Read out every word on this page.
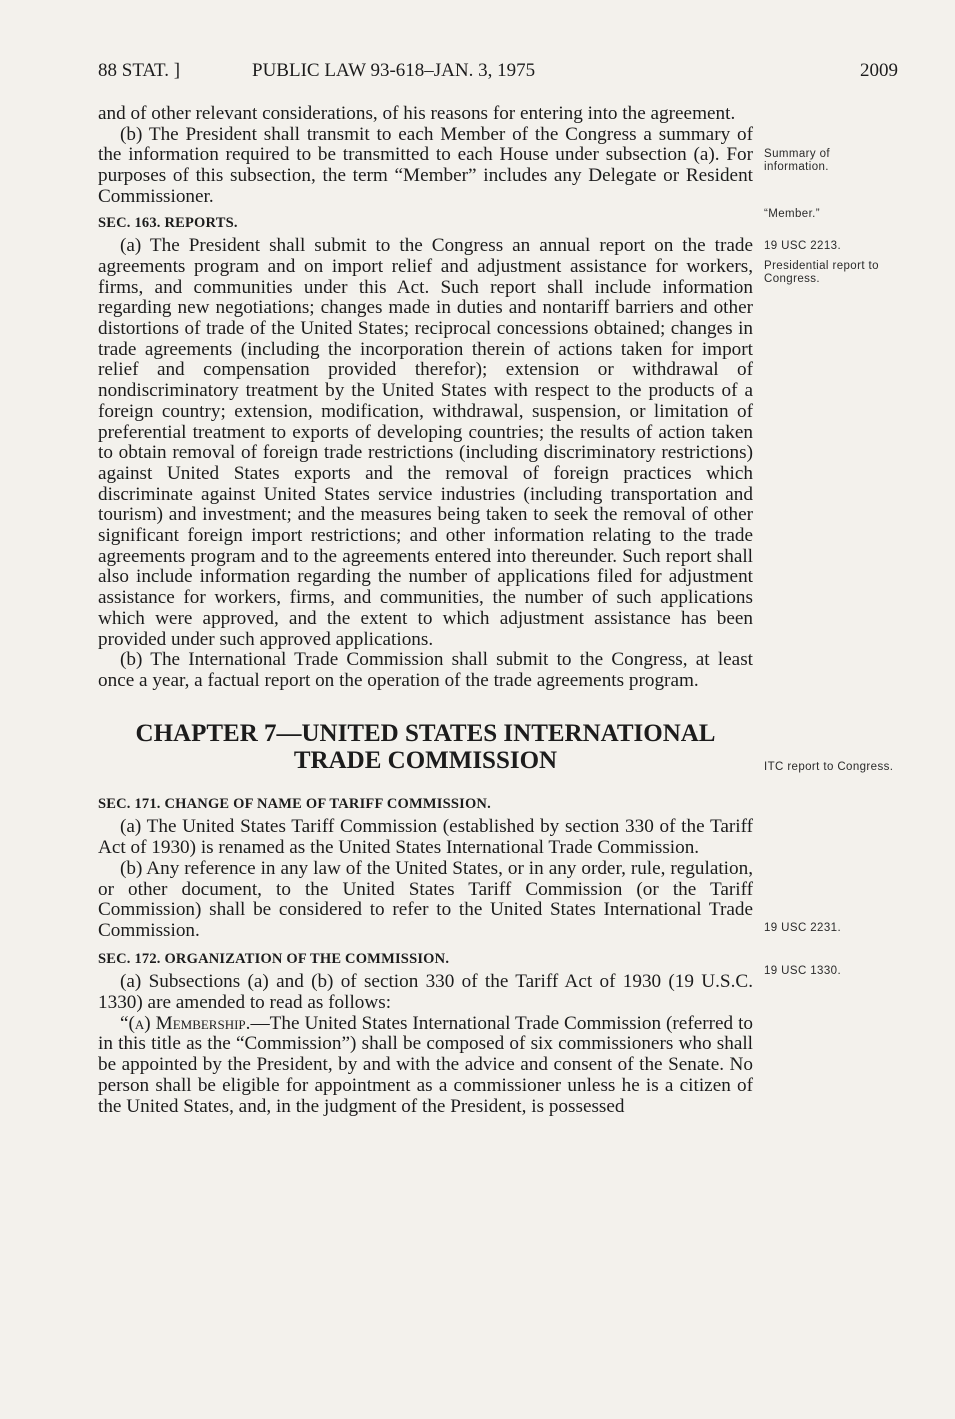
88 STAT. ]	PUBLIC LAW 93-618–JAN. 3, 1975	2009

and of other relevant considerations, of his reasons for entering into the agreement.

(b) The President shall transmit to each Member of the Congress a summary of the information required to be transmitted to each House under subsection (a). For purposes of this subsection, the term “Member” includes any Delegate or Resident Commissioner.

SEC. 163. REPORTS.

(a) The President shall submit to the Congress an annual report on the trade agreements program and on import relief and adjustment assistance for workers, firms, and communities under this Act. Such report shall include information regarding new negotiations; changes made in duties and nontariff barriers and other distortions of trade of the United States; reciprocal concessions obtained; changes in trade agreements (including the incorporation therein of actions taken for import relief and compensation provided therefor); extension or withdrawal of nondiscriminatory treatment by the United States with respect to the products of a foreign country; extension, modification, withdrawal, suspension, or limitation of preferential treatment to exports of developing countries; the results of action taken to obtain removal of foreign trade restrictions (including discriminatory restrictions) against United States exports and the removal of foreign practices which discriminate against United States service industries (including transportation and tourism) and investment; and the measures being taken to seek the removal of other significant foreign import restrictions; and other information relating to the trade agreements program and to the agreements entered into thereunder. Such report shall also include information regarding the number of applications filed for adjustment assistance for workers, firms, and communities, the number of such applications which were approved, and the extent to which adjustment assistance has been provided under such approved applications.

(b) The International Trade Commission shall submit to the Congress, at least once a year, a factual report on the operation of the trade agreements program.

CHAPTER 7—UNITED STATES INTERNATIONAL
TRADE COMMISSION
SEC. 171. CHANGE OF NAME OF TARIFF COMMISSION.

(a) The United States Tariff Commission (established by section 330 of the Tariff Act of 1930) is renamed as the United States International Trade Commission.

(b) Any reference in any law of the United States, or in any order, rule, regulation, or other document, to the United States Tariff Commission (or the Tariff Commission) shall be considered to refer to the United States International Trade Commission.

SEC. 172. ORGANIZATION OF THE COMMISSION.

(a) Subsections (a) and (b) of section 330 of the Tariff Act of 1930 (19 U.S.C. 1330) are amended to read as follows:

“(a) Membership.—The United States International Trade Commission (referred to in this title as the “Commission”) shall be composed of six commissioners who shall be appointed by the President, by and with the advice and consent of the Senate. No person shall be eligible for appointment as a commissioner unless he is a citizen of the United States, and, in the judgment of the President, is possessed

Summary of information.
“Member.”
19 USC 2213.
Presidential report to Congress.
ITC report to Congress.
19 USC 2231.
19 USC 1330.
